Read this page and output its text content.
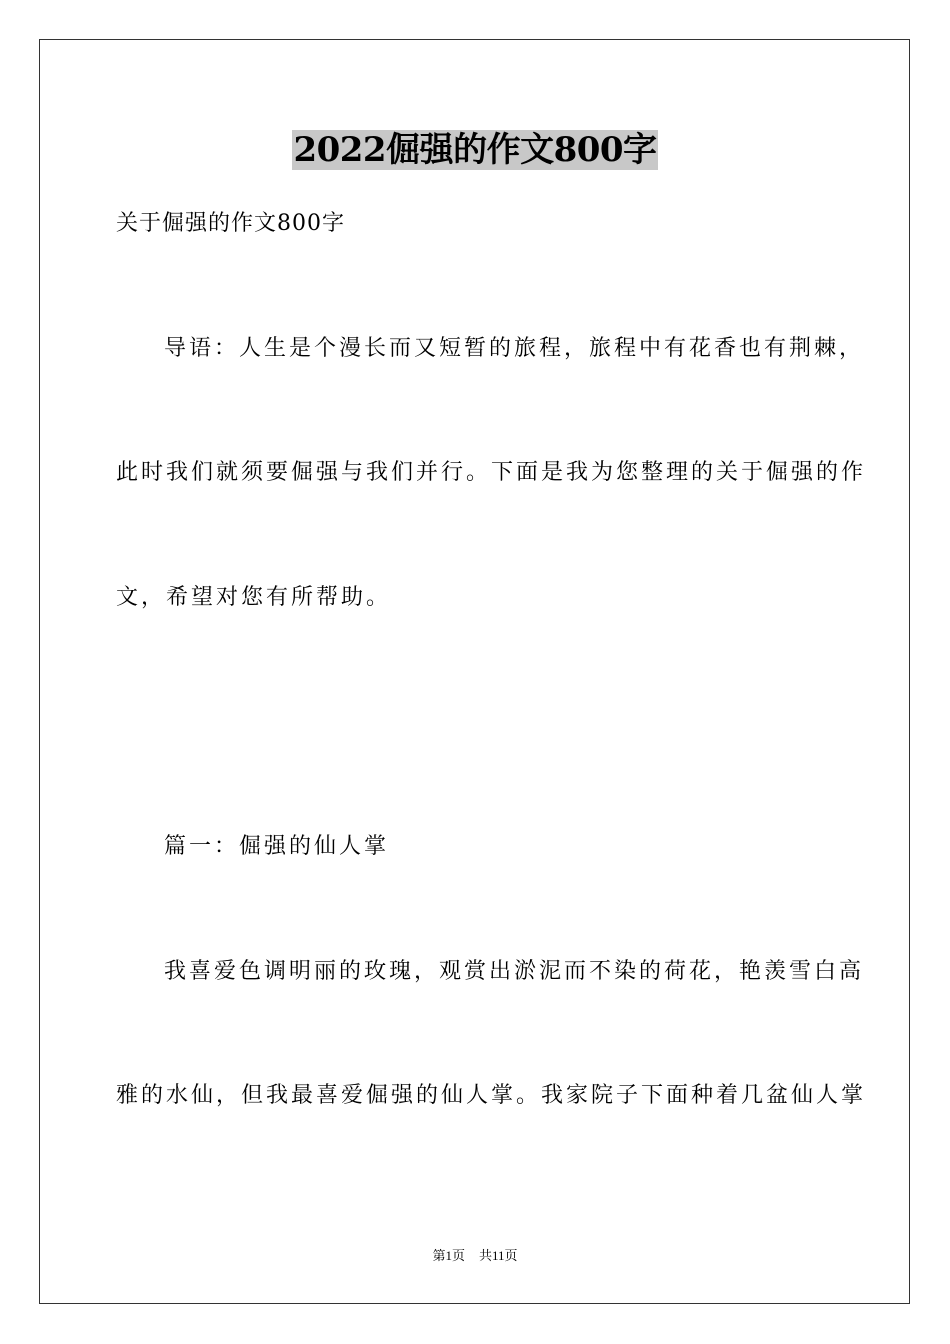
2022倔强的作文800字
关于倔强的作文800字
导语：人生是个漫长而又短暂的旅程，旅程中有花香也有荆棘，
此时我们就须要倔强与我们并行。下面是我为您整理的关于倔强的作
文，希望对您有所帮助。
篇一：倔强的仙人掌
我喜爱色调明丽的玫瑰，观赏出淤泥而不染的荷花，艳羡雪白高
雅的水仙，但我最喜爱倔强的仙人掌。我家院子下面种着几盆仙人掌
第1页 共11页
